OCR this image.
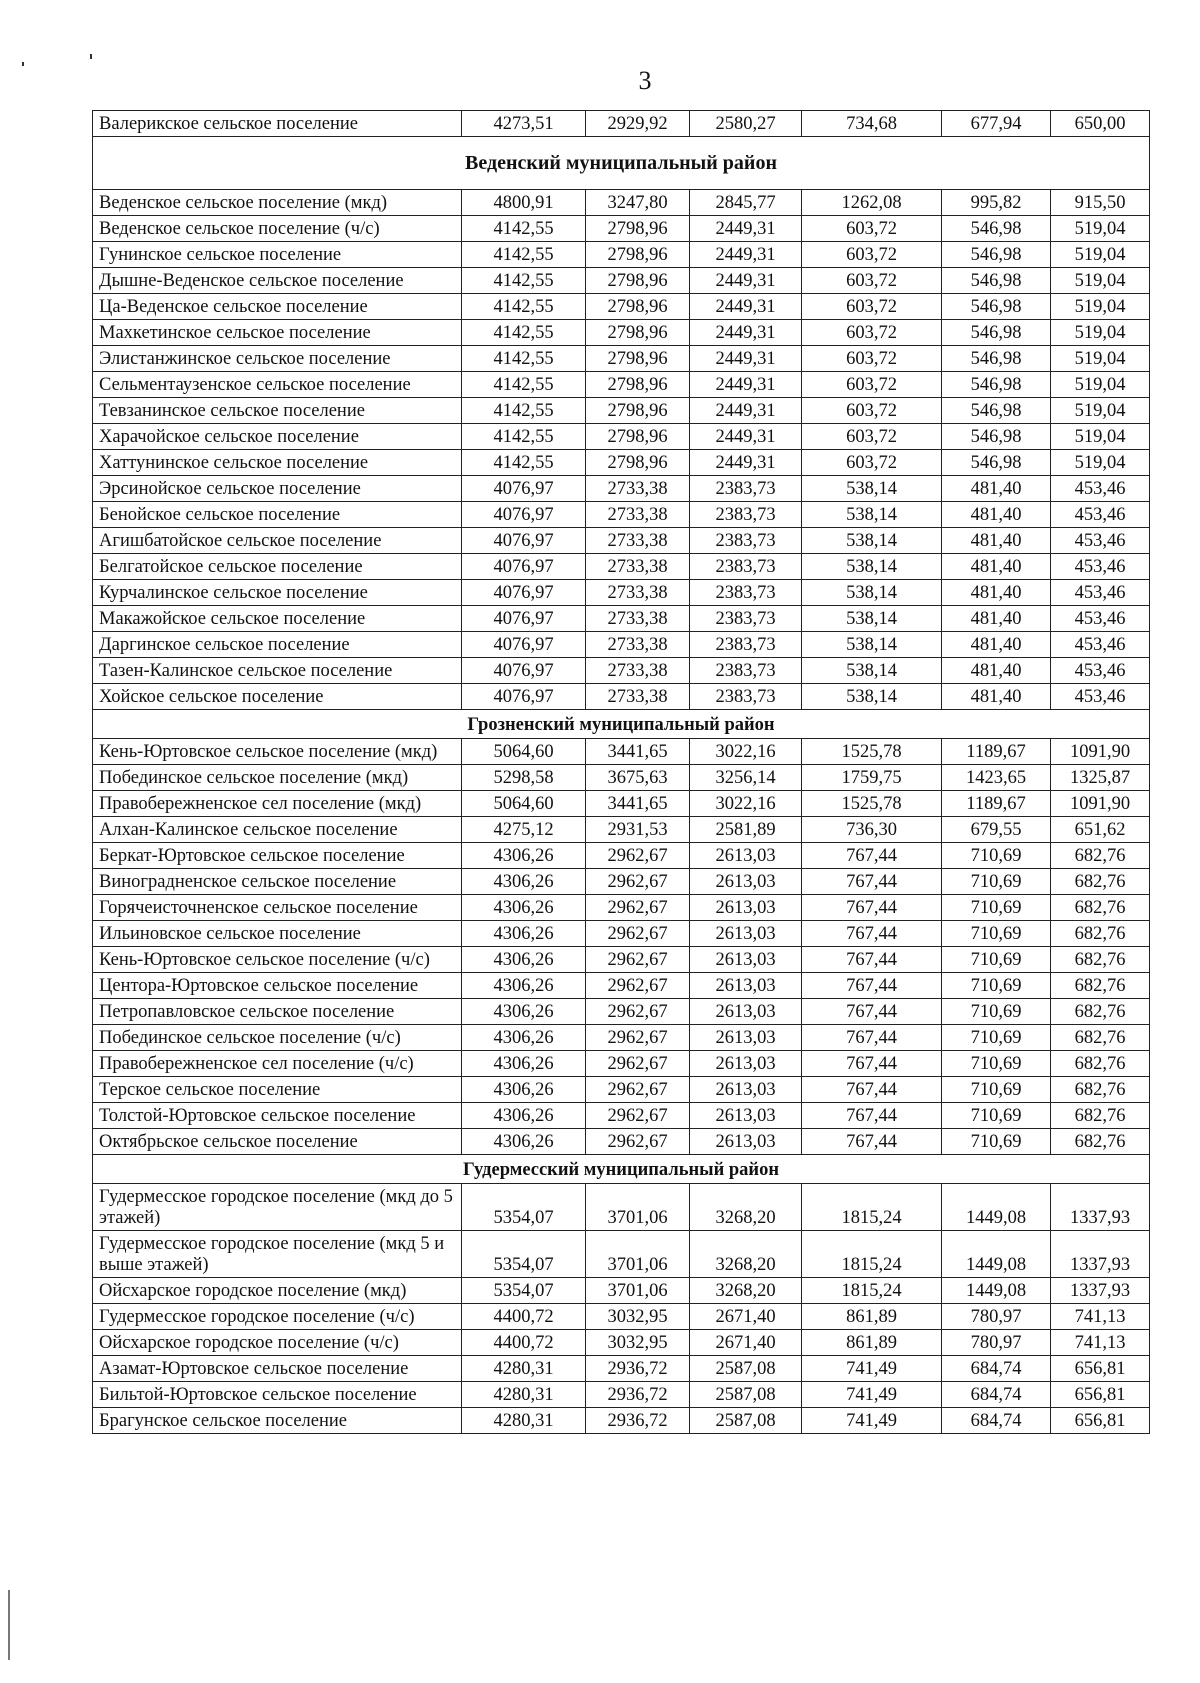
3
Валерикское сельское поселение	4273,51	2929,92	2580,27	734,68	677,94	650,00
Веденский муниципальный район						
Веденское сельское поселение (мкд)	4800,91	3247,80	2845,77	1262,08	995,82	915,50
Веденское сельское поселение (ч/с)	4142,55	2798,96	2449,31	603,72	546,98	519,04
Гунинское сельское поселение	4142,55	2798,96	2449,31	603,72	546,98	519,04
Дышне-Веденское сельское поселение	4142,55	2798,96	2449,31	603,72	546,98	519,04
Ца-Веденское сельское поселение	4142,55	2798,96	2449,31	603,72	546,98	519,04
Махкетинское сельское поселение	4142,55	2798,96	2449,31	603,72	546,98	519,04
Элистанжинское сельское поселение	4142,55	2798,96	2449,31	603,72	546,98	519,04
Сельментаузенское сельское поселение	4142,55	2798,96	2449,31	603,72	546,98	519,04
Тевзанинское сельское поселение	4142,55	2798,96	2449,31	603,72	546,98	519,04
Харачойское сельское поселение	4142,55	2798,96	2449,31	603,72	546,98	519,04
Хаттунинское сельское поселение	4142,55	2798,96	2449,31	603,72	546,98	519,04
Эрсинойское сельское поселение	4076,97	2733,38	2383,73	538,14	481,40	453,46
Бенойское сельское поселение	4076,97	2733,38	2383,73	538,14	481,40	453,46
Агишбатойское сельское поселение	4076,97	2733,38	2383,73	538,14	481,40	453,46
Белгатойское сельское поселение	4076,97	2733,38	2383,73	538,14	481,40	453,46
Курчалинское сельское поселение	4076,97	2733,38	2383,73	538,14	481,40	453,46
Макажойское сельское поселение	4076,97	2733,38	2383,73	538,14	481,40	453,46
Даргинское сельское поселение	4076,97	2733,38	2383,73	538,14	481,40	453,46
Тазен-Калинское сельское поселение	4076,97	2733,38	2383,73	538,14	481,40	453,46
Хойское сельское поселение	4076,97	2733,38	2383,73	538,14	481,40	453,46
Грозненский муниципальный район						
Кень-Юртовское сельское поселение (мкд)	5064,60	3441,65	3022,16	1525,78	1189,67	1091,90
Побединское сельское поселение (мкд)	5298,58	3675,63	3256,14	1759,75	1423,65	1325,87
Правобережненское сел поселение (мкд)	5064,60	3441,65	3022,16	1525,78	1189,67	1091,90
Алхан-Калинское сельское поселение	4275,12	2931,53	2581,89	736,30	679,55	651,62
Беркат-Юртовское сельское поселение	4306,26	2962,67	2613,03	767,44	710,69	682,76
Виноградненское сельское поселение	4306,26	2962,67	2613,03	767,44	710,69	682,76
Горячеисточненское сельское поселение	4306,26	2962,67	2613,03	767,44	710,69	682,76
Ильиновское сельское поселение	4306,26	2962,67	2613,03	767,44	710,69	682,76
Кень-Юртовское сельское поселение (ч/с)	4306,26	2962,67	2613,03	767,44	710,69	682,76
Центора-Юртовское сельское поселение	4306,26	2962,67	2613,03	767,44	710,69	682,76
Петропавловское сельское поселение	4306,26	2962,67	2613,03	767,44	710,69	682,76
Побединское сельское поселение (ч/с)	4306,26	2962,67	2613,03	767,44	710,69	682,76
Правобережненское сел поселение (ч/с)	4306,26	2962,67	2613,03	767,44	710,69	682,76
Терское сельское поселение	4306,26	2962,67	2613,03	767,44	710,69	682,76
Толстой-Юртовское сельское поселение	4306,26	2962,67	2613,03	767,44	710,69	682,76
Октябрьское сельское поселение	4306,26	2962,67	2613,03	767,44	710,69	682,76
Гудермесский муниципальный район						
Гудермесское городское поселение (мкд до 5 этажей)	5354,07	3701,06	3268,20	1815,24	1449,08	1337,93
Гудермесское городское поселение (мкд 5 и выше этажей)	5354,07	3701,06	3268,20	1815,24	1449,08	1337,93
Ойсхарское городское поселение (мкд)	5354,07	3701,06	3268,20	1815,24	1449,08	1337,93
Гудермесское городское поселение (ч/с)	4400,72	3032,95	2671,40	861,89	780,97	741,13
Ойсхарское городское поселение (ч/с)	4400,72	3032,95	2671,40	861,89	780,97	741,13
Азамат-Юртовское сельское поселение	4280,31	2936,72	2587,08	741,49	684,74	656,81
Бильтой-Юртовское сельское поселение	4280,31	2936,72	2587,08	741,49	684,74	656,81
Брагунское сельское поселение	4280,31	2936,72	2587,08	741,49	684,74	656,81
